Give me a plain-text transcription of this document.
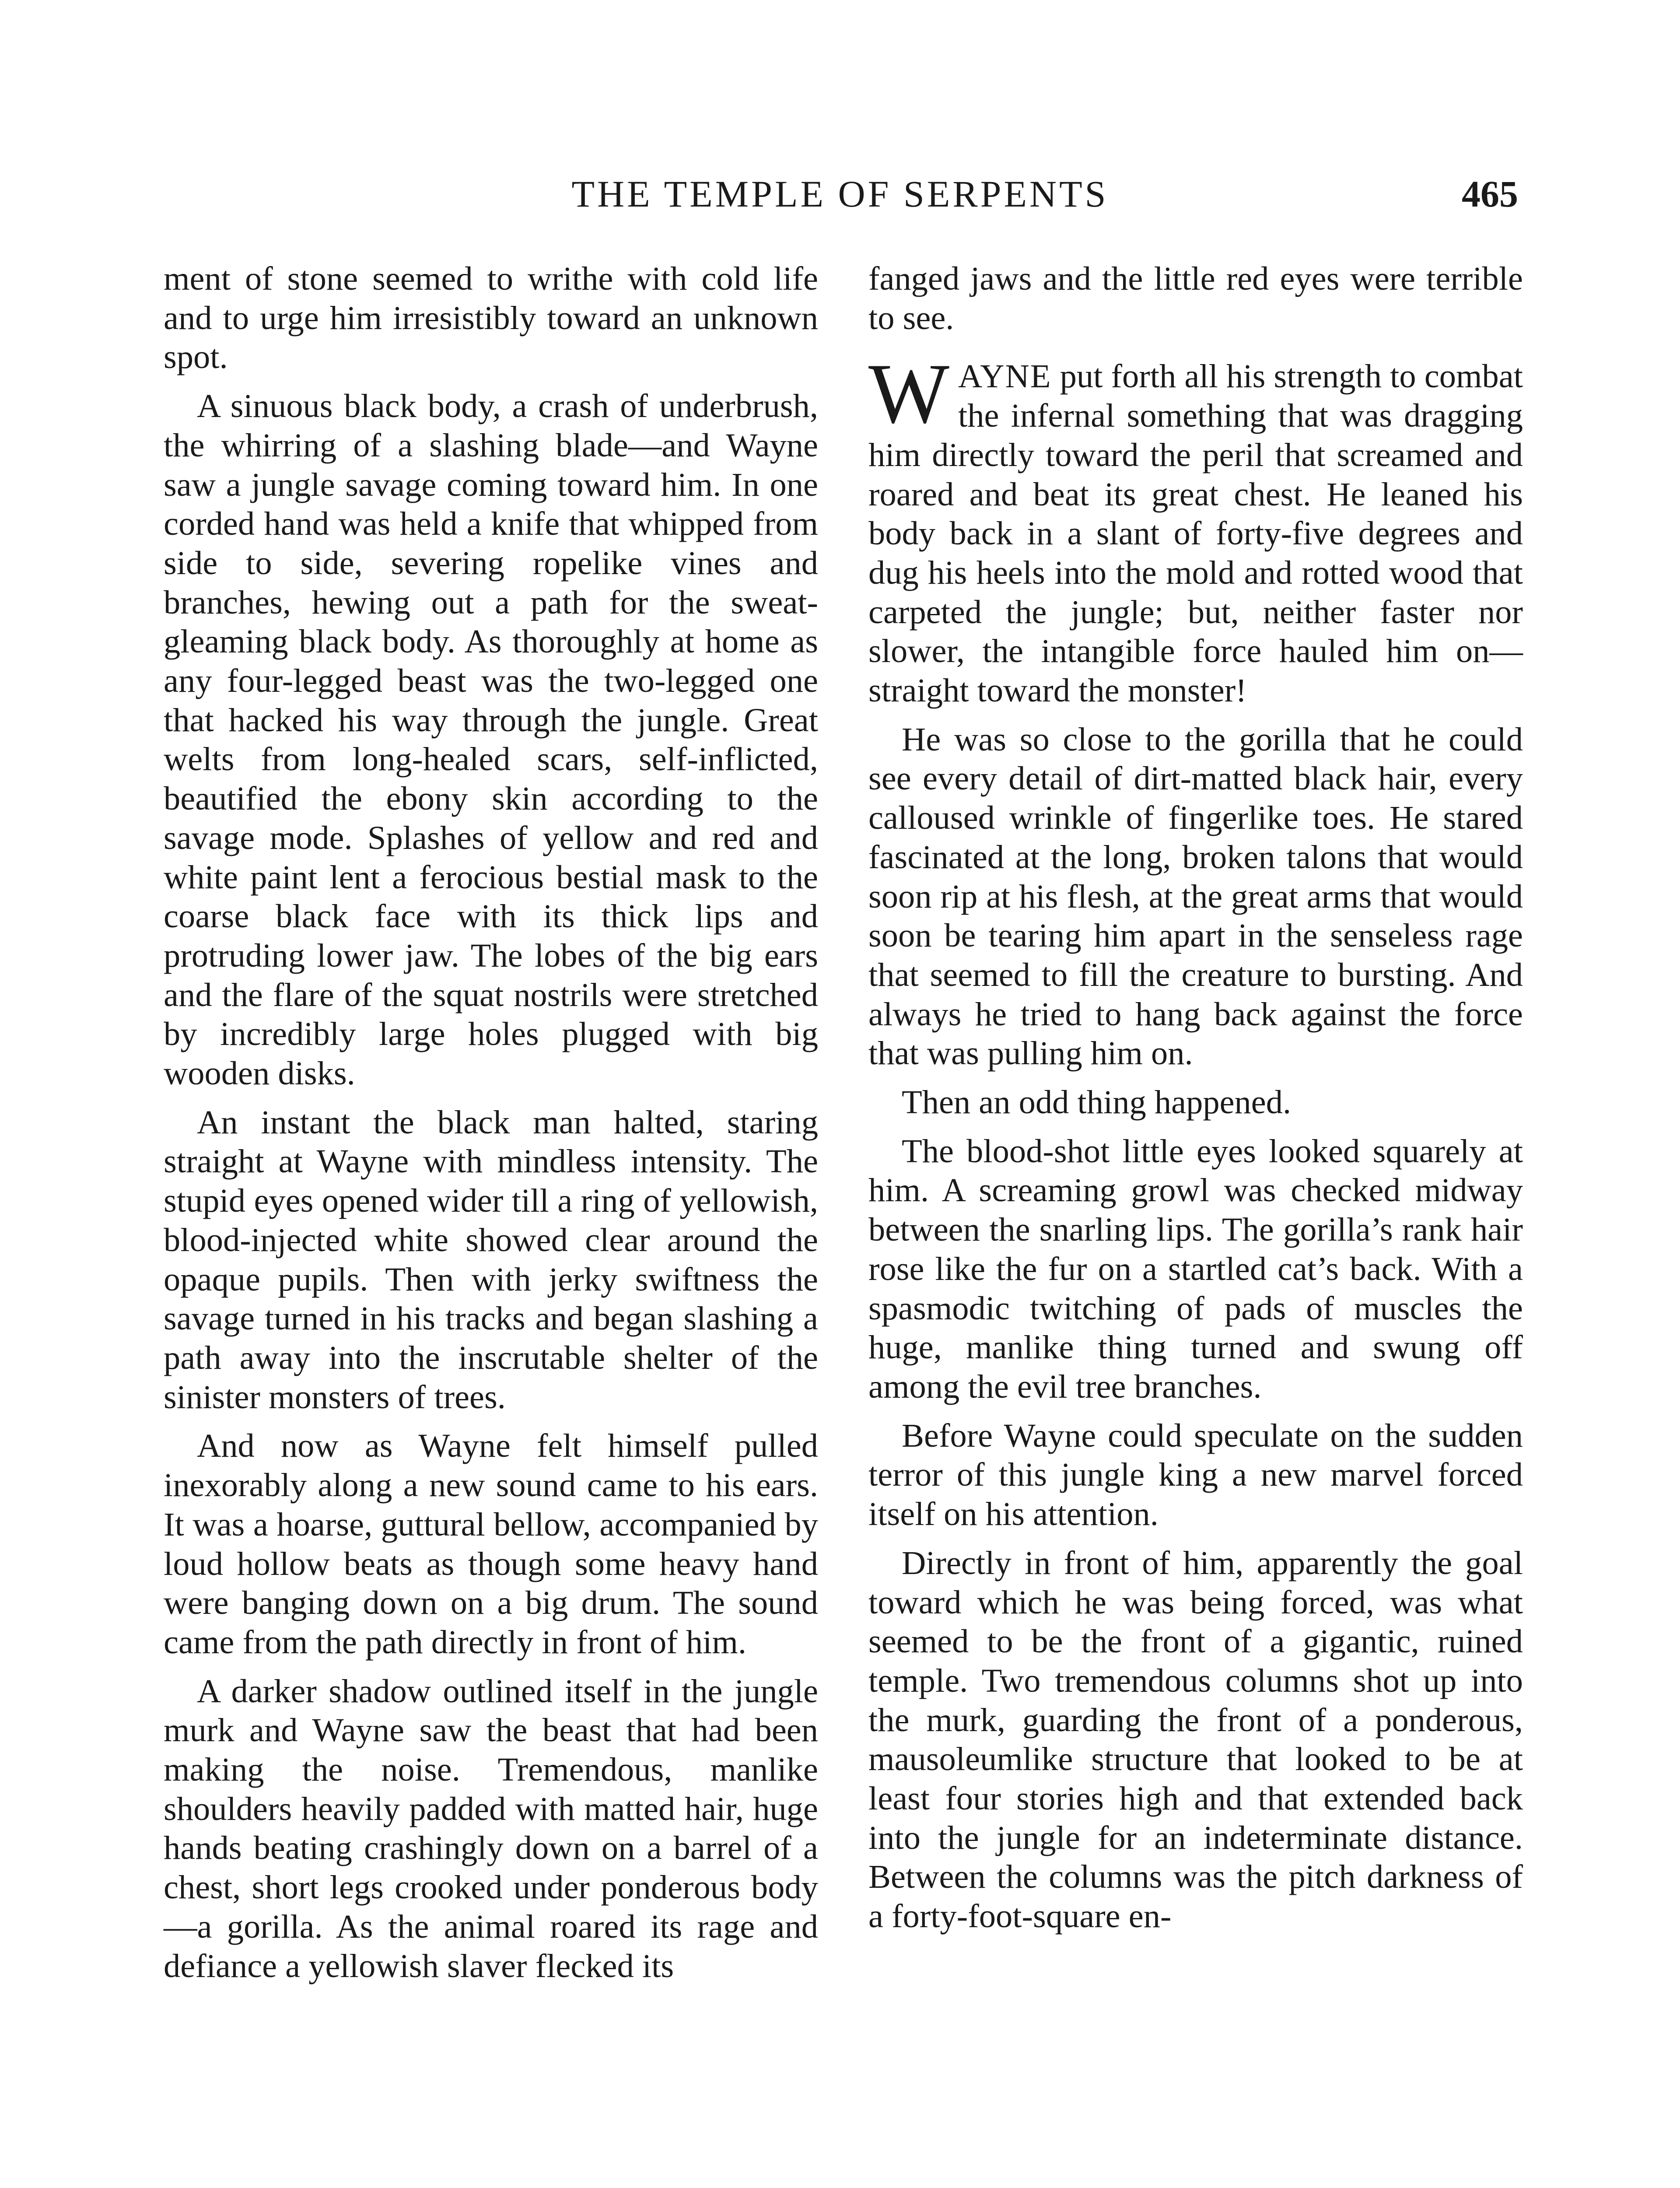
THE TEMPLE OF SERPENTS	465

ment of stone seemed to writhe with cold life and to urge him irresistibly toward an unknown spot.

A sinuous black body, a crash of underbrush, the whirring of a slashing blade—and Wayne saw a jungle savage coming toward him. In one corded hand was held a knife that whipped from side to side, severing ropelike vines and branches, hewing out a path for the sweat-gleaming black body. As thoroughly at home as any four-legged beast was the two-legged one that hacked his way through the jungle. Great welts from long-healed scars, self-inflicted, beautified the ebony skin according to the savage mode. Splashes of yellow and red and white paint lent a ferocious bestial mask to the coarse black face with its thick lips and protruding lower jaw. The lobes of the big ears and the flare of the squat nostrils were stretched by incredibly large holes plugged with big wooden disks.

An instant the black man halted, staring straight at Wayne with mindless intensity. The stupid eyes opened wider till a ring of yellowish, blood-injected white showed clear around the opaque pupils. Then with jerky swiftness the savage turned in his tracks and began slashing a path away into the inscrutable shelter of the sinister monsters of trees.

And now as Wayne felt himself pulled inexorably along a new sound came to his ears. It was a hoarse, guttural bellow, accompanied by loud hollow beats as though some heavy hand were banging down on a big drum. The sound came from the path directly in front of him.

A darker shadow outlined itself in the jungle murk and Wayne saw the beast that had been making the noise. Tremendous, manlike shoulders heavily padded with matted hair, huge hands beating crashingly down on a barrel of a chest, short legs crooked under ponderous body—a gorilla. As the animal roared its rage and defiance a yellowish slaver flecked its

fanged jaws and the little red eyes were terrible to see.

WAYNE put forth all his strength to combat the infernal something that was dragging him directly toward the peril that screamed and roared and beat its great chest. He leaned his body back in a slant of forty-five degrees and dug his heels into the mold and rotted wood that carpeted the jungle; but, neither faster nor slower, the intangible force hauled him on—straight toward the monster!

He was so close to the gorilla that he could see every detail of dirt-matted black hair, every calloused wrinkle of fingerlike toes. He stared fascinated at the long, broken talons that would soon rip at his flesh, at the great arms that would soon be tearing him apart in the senseless rage that seemed to fill the creature to bursting. And always he tried to hang back against the force that was pulling him on.

Then an odd thing happened.

The blood-shot little eyes looked squarely at him. A screaming growl was checked midway between the snarling lips. The gorilla’s rank hair rose like the fur on a startled cat’s back. With a spasmodic twitching of pads of muscles the huge, manlike thing turned and swung off among the evil tree branches.

Before Wayne could speculate on the sudden terror of this jungle king a new marvel forced itself on his attention.

Directly in front of him, apparently the goal toward which he was being forced, was what seemed to be the front of a gigantic, ruined temple. Two tremendous columns shot up into the murk, guarding the front of a ponderous, mausoleumlike structure that looked to be at least four stories high and that extended back into the jungle for an indeterminate distance. Between the columns was the pitch darkness of a forty-foot-square en-
